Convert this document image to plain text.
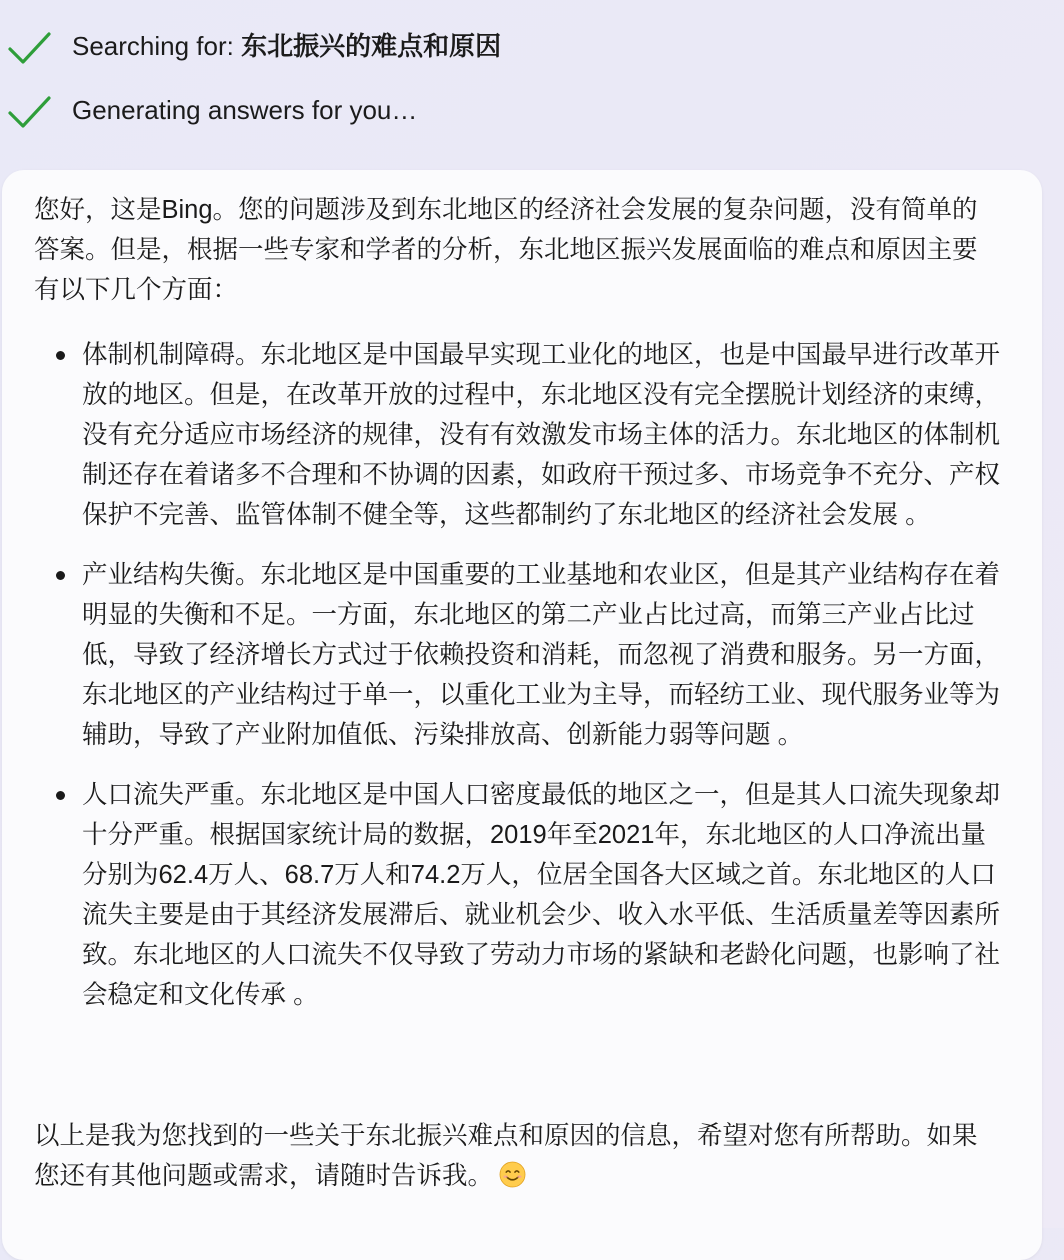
Searching for: 东北振兴的难点和原因
Generating answers for you…

您好，这是Bing。您的问题涉及到东北地区的经济社会发展的复杂问题，没有简单的答案。但是，根据一些专家和学者的分析，东北地区振兴发展面临的难点和原因主要有以下几个方面：

体制机制障碍。东北地区是中国最早实现工业化的地区，也是中国最早进行改革开放的地区。但是，在改革开放的过程中，东北地区没有完全摆脱计划经济的束缚，没有充分适应市场经济的规律，没有有效激发市场主体的活力。东北地区的体制机制还存在着诸多不合理和不协调的因素，如政府干预过多、市场竞争不充分、产权保护不完善、监管体制不健全等，这些都制约了东北地区的经济社会发展 。
产业结构失衡。东北地区是中国重要的工业基地和农业区，但是其产业结构存在着明显的失衡和不足。一方面，东北地区的第二产业占比过高，而第三产业占比过低，导致了经济增长方式过于依赖投资和消耗，而忽视了消费和服务。另一方面，东北地区的产业结构过于单一，以重化工业为主导，而轻纺工业、现代服务业等为辅助，导致了产业附加值低、污染排放高、创新能力弱等问题 。
人口流失严重。东北地区是中国人口密度最低的地区之一，但是其人口流失现象却十分严重。根据国家统计局的数据，2019年至2021年，东北地区的人口净流出量分别为62.4万人、68.7万人和74.2万人，位居全国各大区域之首。东北地区的人口流失主要是由于其经济发展滞后、就业机会少、收入水平低、生活质量差等因素所致。东北地区的人口流失不仅导致了劳动力市场的紧缺和老龄化问题，也影响了社会稳定和文化传承 。

以上是我为您找到的一些关于东北振兴难点和原因的信息，希望对您有所帮助。如果您还有其他问题或需求，请随时告诉我。
